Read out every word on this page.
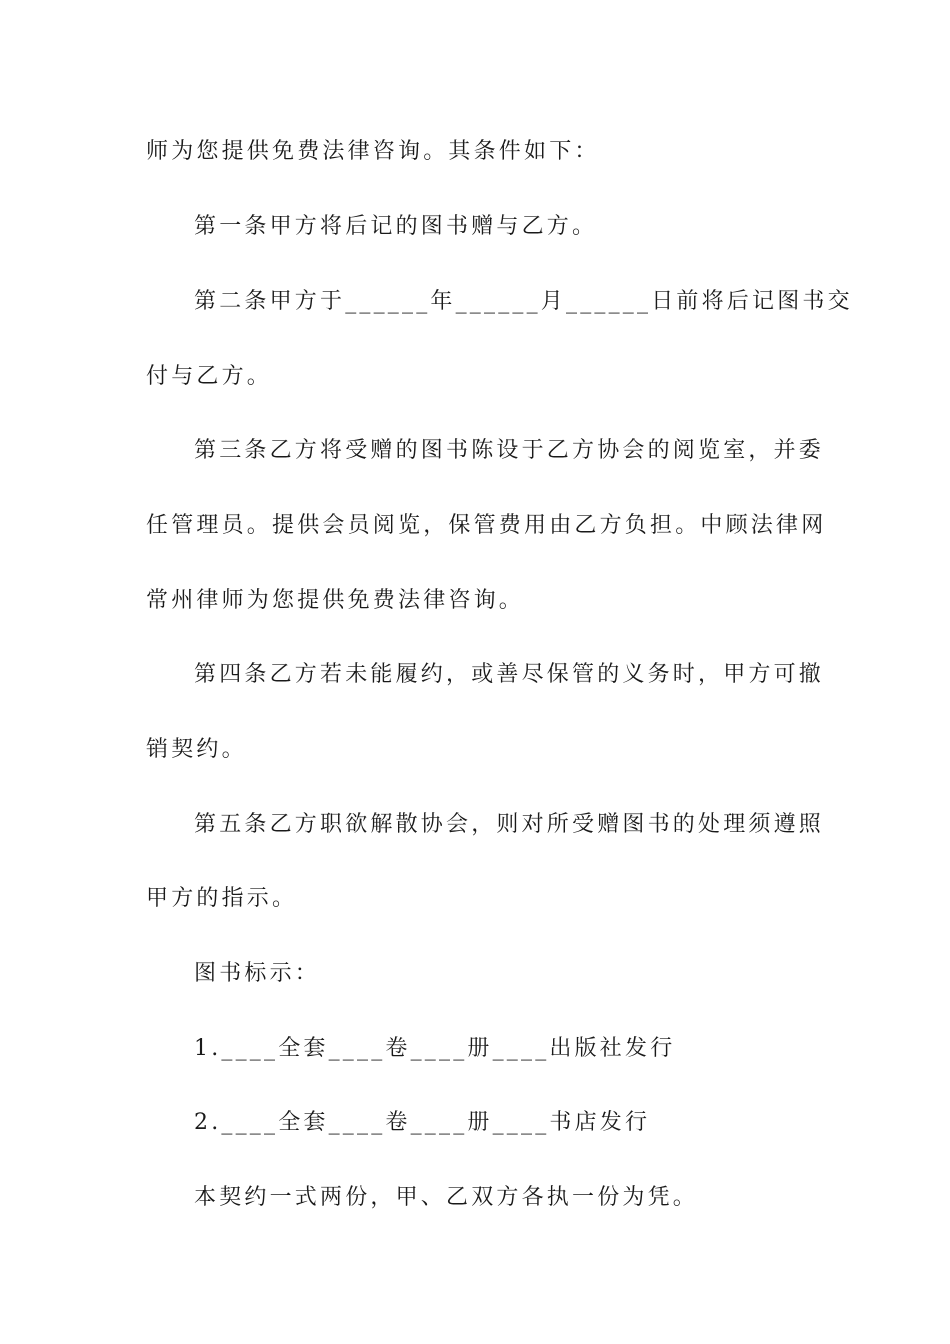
师为您提供免费法律咨询。其条件如下：
第一条甲方将后记的图书赠与乙方。
第二条甲方于______年______月______日前将后记图书交
付与乙方。
第三条乙方将受赠的图书陈设于乙方协会的阅览室，并委
任管理员。提供会员阅览，保管费用由乙方负担。中顾法律网
常州律师为您提供免费法律咨询。
第四条乙方若未能履约，或善尽保管的义务时，甲方可撤
销契约。
第五条乙方职欲解散协会，则对所受赠图书的处理须遵照
甲方的指示。
图书标示：
1.____全套____卷____册____出版社发行
2.____全套____卷____册____书店发行
本契约一式两份，甲、乙双方各执一份为凭。
